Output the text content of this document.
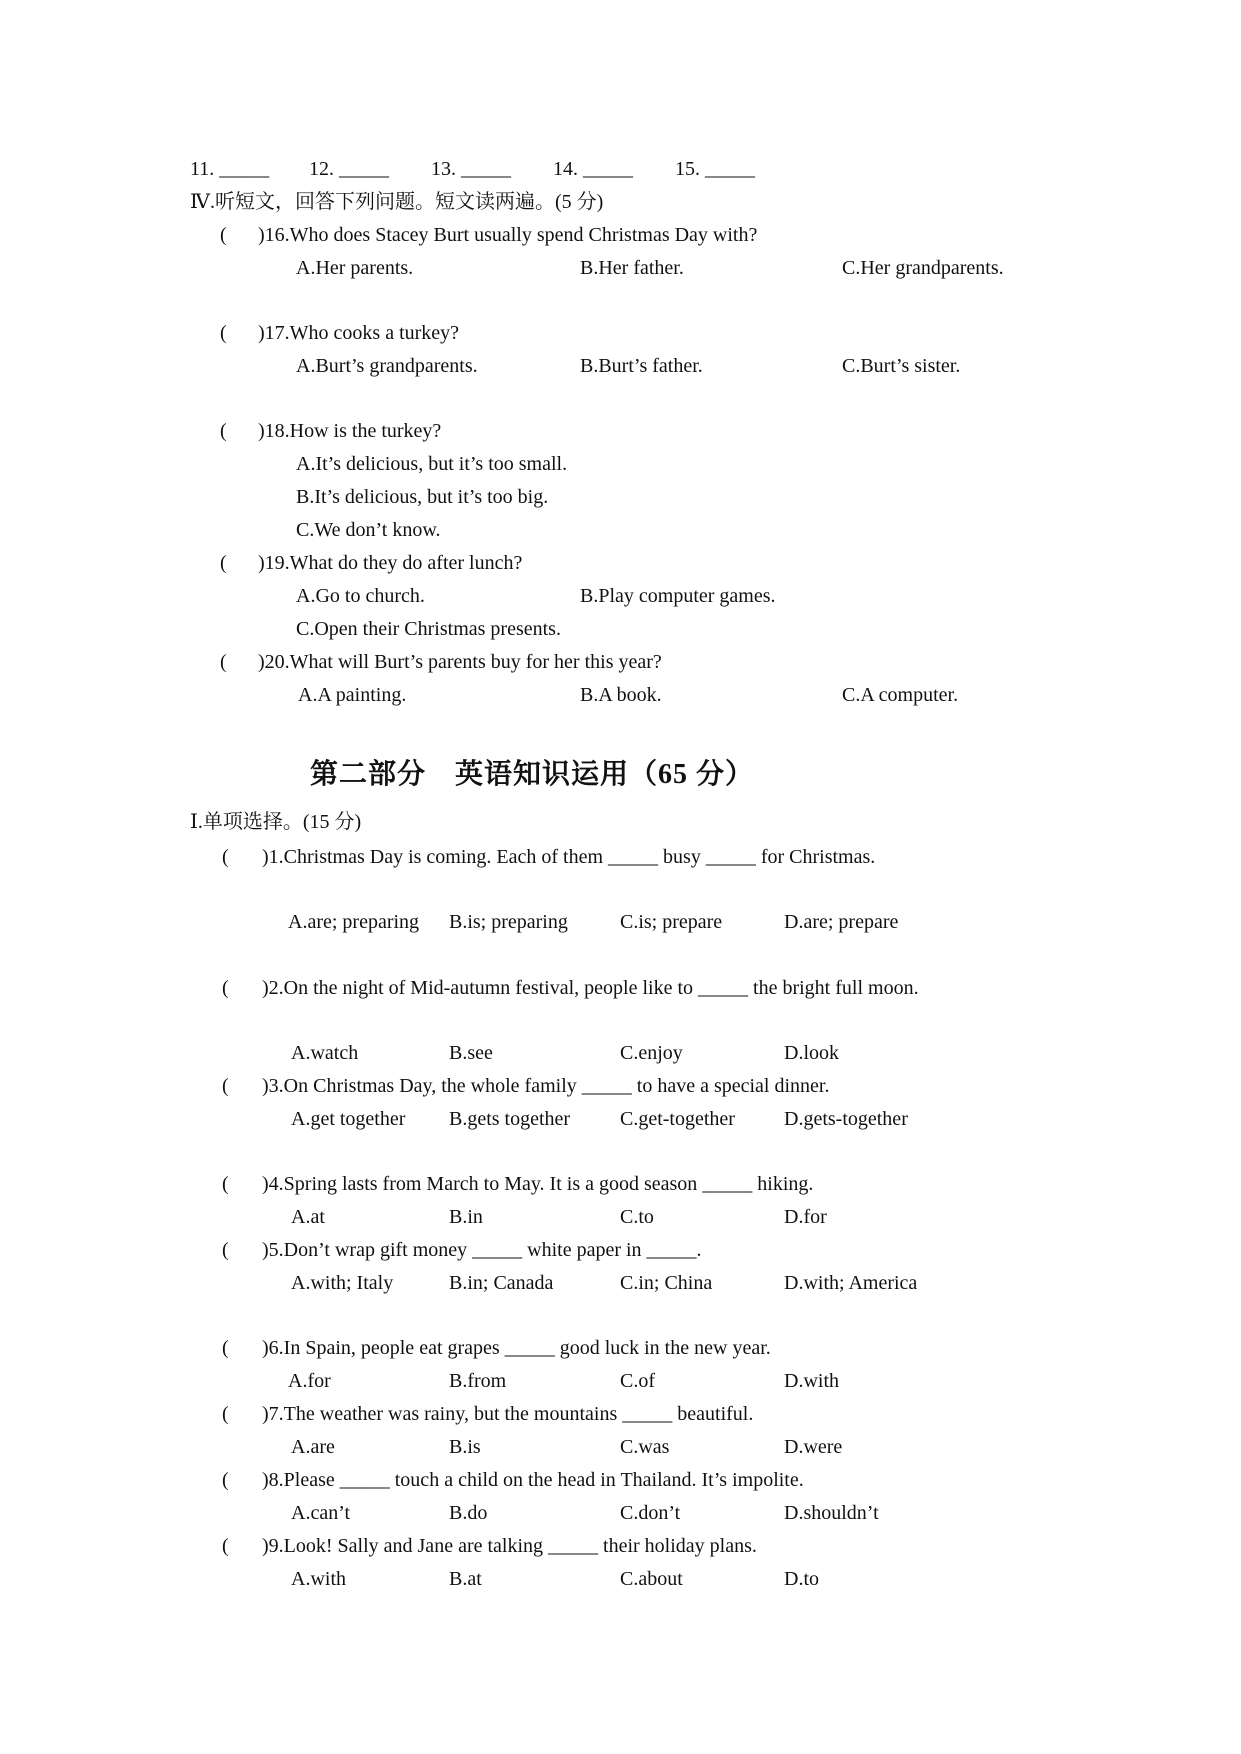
11. _____ 12. _____ 13. _____ 14. _____ 15. _____
Ⅳ.听短文，回答下列问题。短文读两遍。(5 分)
( )16.Who does Stacey Burt usually spend Christmas Day with?
A.Her parents.	B.Her father.	C.Her grandparents.
( )17.Who cooks a turkey?
A.Burt’s grandparents.	B.Burt’s father.	C.Burt’s sister.
( )18.How is the turkey?
A.It’s delicious, but it’s too small.
B.It’s delicious, but it’s too big.
C.We don’t know.
( )19.What do they do after lunch?
A.Go to church.	B.Play computer games.
C.Open their Christmas presents.
( )20.What will Burt’s parents buy for her this year?
A.A painting.	B.A book.	C.A computer.
第二部分　英语知识运用（65 分）
Ⅰ.单项选择。(15 分)
( )1.Christmas Day is coming. Each of them _____ busy _____ for Christmas.
A.are; preparing B.is; preparing	C.is; prepare	D.are; prepare
( )2.On the night of Mid-autumn festival, people like to _____ the bright full moon.
A.watch	B.see	C.enjoy	D.look
( )3.On Christmas Day, the whole family _____ to have a special dinner.
A.get together B.gets together C.get-together D.gets-together
( )4.Spring lasts from March to May. It is a good season _____ hiking.
A.at	B.in	C.to	D.for
( )5.Don’t wrap gift money _____ white paper in _____.
A.with; Italy	B.in; Canada	C.in; China	D.with; America
( )6.In Spain, people eat grapes _____ good luck in the new year.
A.for	B.from	C.of	D.with
( )7.The weather was rainy, but the mountains _____ beautiful.
A.are	B.is	C.was	D.were
( )8.Please _____ touch a child on the head in Thailand. It’s impolite.
A.can’t	B.do	C.don’t	D.shouldn’t
( )9.Look! Sally and Jane are talking _____ their holiday plans.
A.with	B.at	C.about	D.to
